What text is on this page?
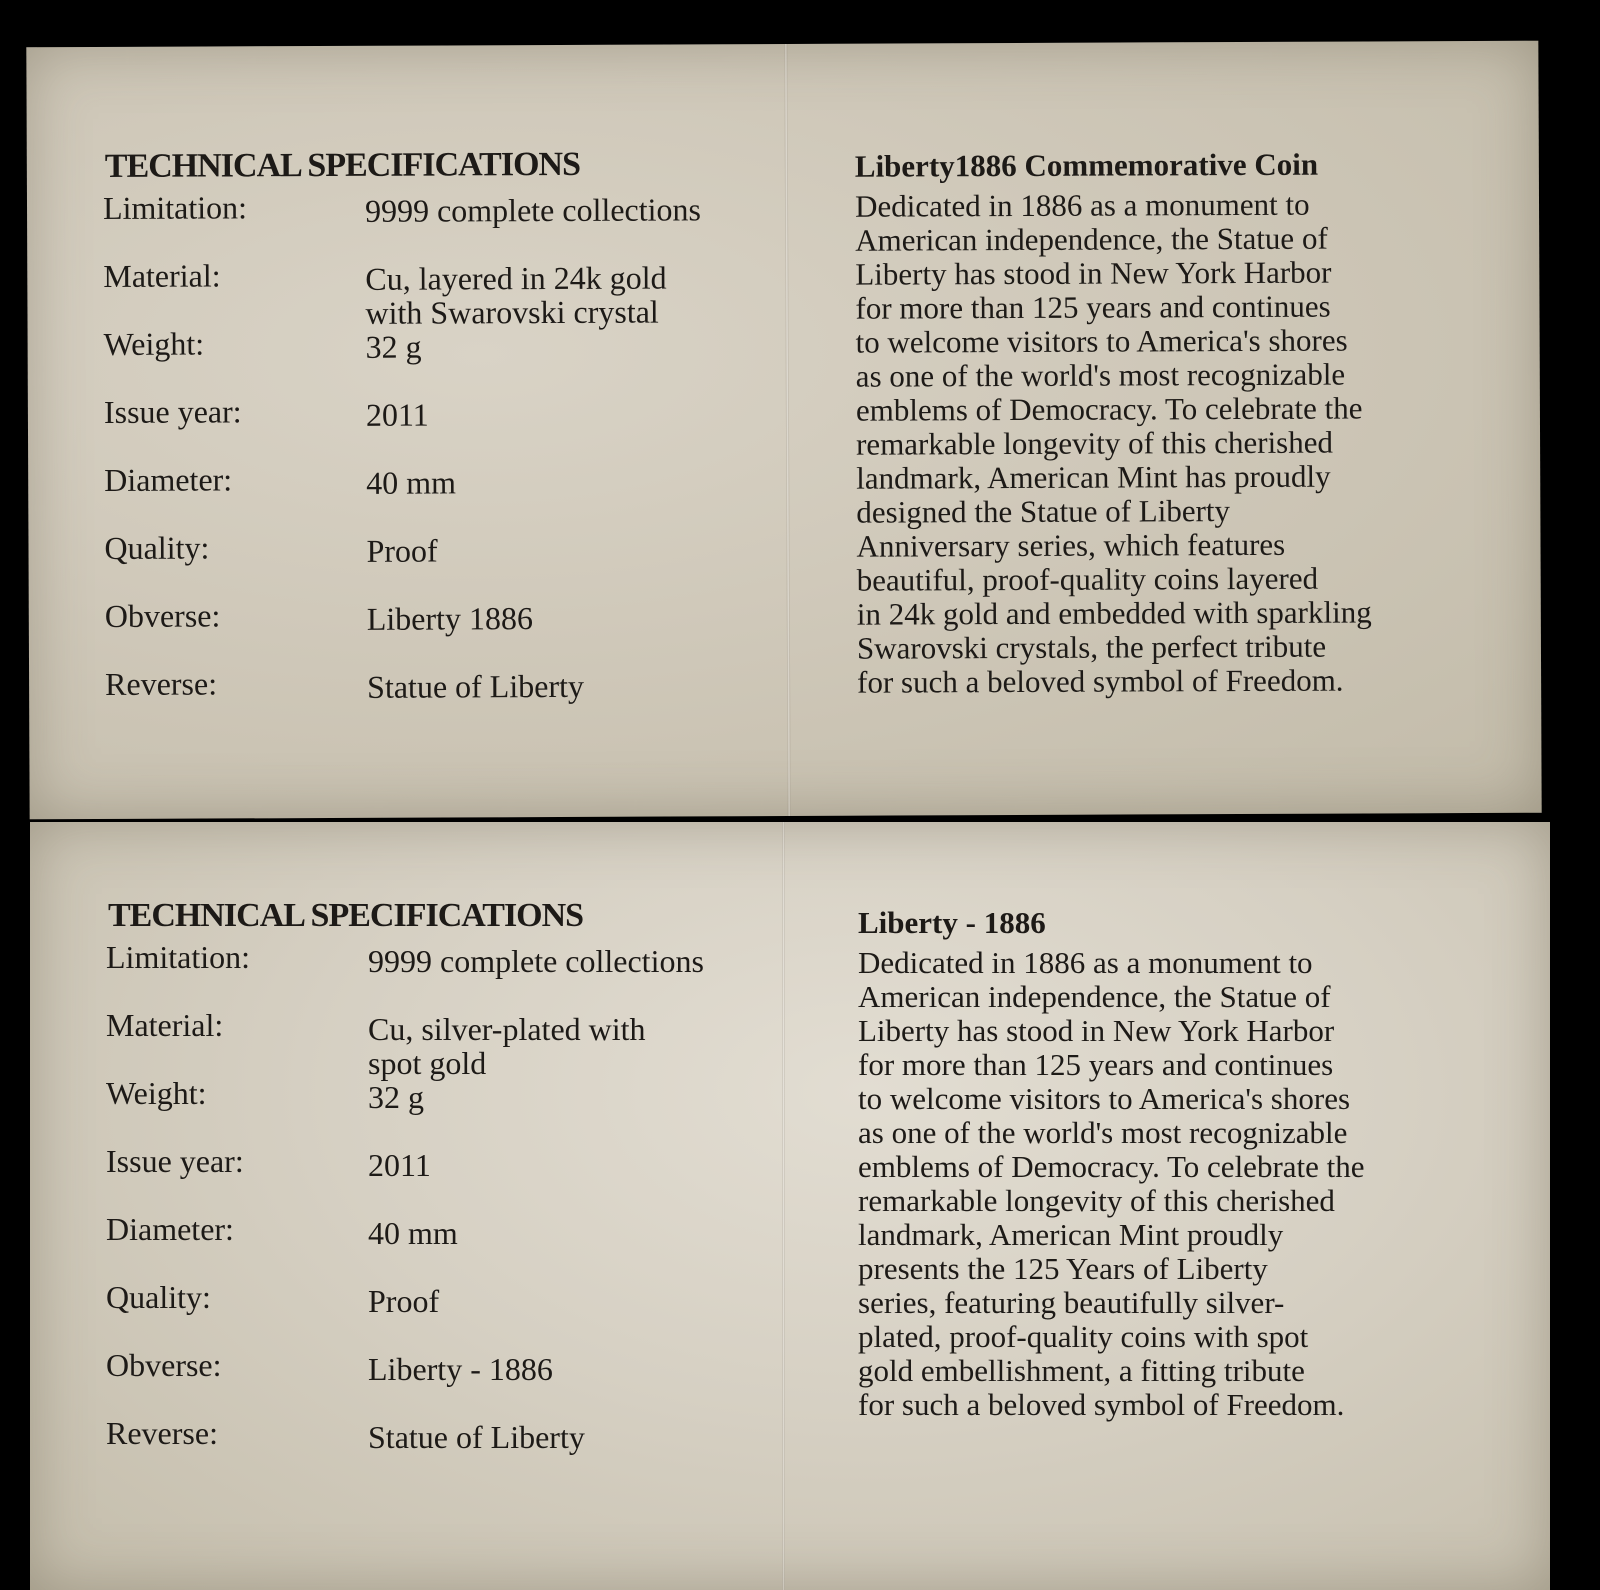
TECHNICAL SPECIFICATIONS
Limitation:	9999 complete collections
Material:	Cu, layered in 24k gold
with Swarovski crystal
Weight:	32 g
Issue year:	2011
Diameter:	40 mm
Quality:	Proof
Obverse:	Liberty 1886
Reverse:	Statue of Liberty
Liberty1886 Commemorative Coin
Dedicated in 1886 as a monument to
American independence, the Statue of
Liberty has stood in New York Harbor
for more than 125 years and continues
to welcome visitors to America's shores
as one of the world's most recognizable
emblems of Democracy. To celebrate the
remarkable longevity of this cherished
landmark, American Mint has proudly
designed the Statue of Liberty
Anniversary series, which features
beautiful, proof-quality coins layered
in 24k gold and embedded with sparkling
Swarovski crystals, the perfect tribute
for such a beloved symbol of Freedom.
TECHNICAL SPECIFICATIONS
Limitation:	9999 complete collections
Material:	Cu, silver-plated with
spot gold
Weight:	32 g
Issue year:	2011
Diameter:	40 mm
Quality:	Proof
Obverse:	Liberty - 1886
Reverse:	Statue of Liberty
Liberty - 1886
Dedicated in 1886 as a monument to
American independence, the Statue of
Liberty has stood in New York Harbor
for more than 125 years and continues
to welcome visitors to America's shores
as one of the world's most recognizable
emblems of Democracy. To celebrate the
remarkable longevity of this cherished
landmark, American Mint proudly
presents the 125 Years of Liberty
series, featuring beautifully silver-
plated, proof-quality coins with spot
gold embellishment, a fitting tribute
for such a beloved symbol of Freedom.
